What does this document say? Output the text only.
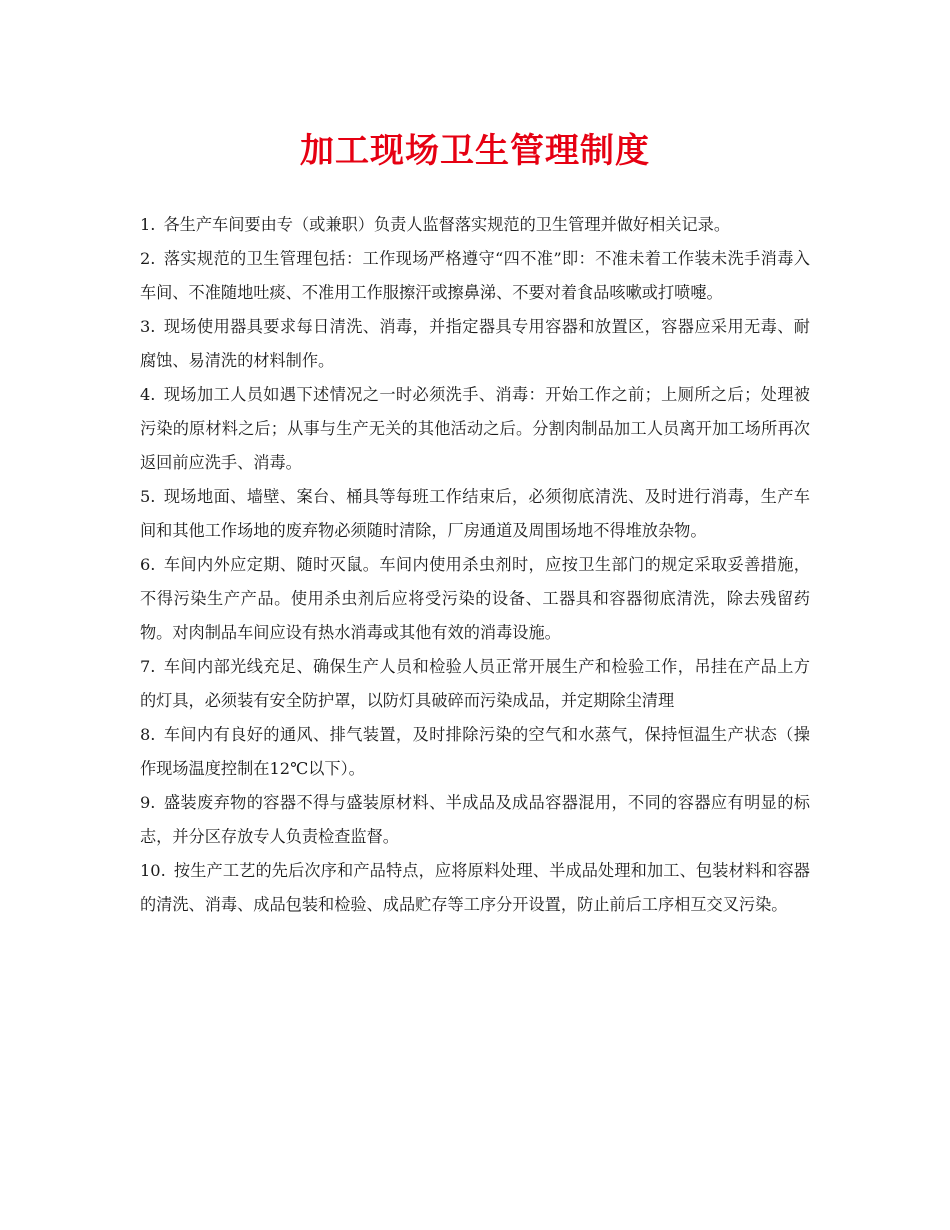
加工现场卫生管理制度
1. 各生产车间要由专（或兼职）负责人监督落实规范的卫生管理并做好相关记录。
2. 落实规范的卫生管理包括：工作现场严格遵守“四不准”即：不准未着工作装未洗手消毒入车间、不准随地吐痰、不准用工作服擦汗或擦鼻涕、不要对着食品咳嗽或打喷嚏。
3. 现场使用器具要求每日清洗、消毒，并指定器具专用容器和放置区，容器应采用无毒、耐腐蚀、易清洗的材料制作。
4. 现场加工人员如遇下述情况之一时必须洗手、消毒：开始工作之前；上厕所之后；处理被污染的原材料之后；从事与生产无关的其他活动之后。分割肉制品加工人员离开加工场所再次返回前应洗手、消毒。
5. 现场地面、墙壁、案台、桶具等每班工作结束后，必须彻底清洗、及时进行消毒，生产车间和其他工作场地的废弃物必须随时清除，厂房通道及周围场地不得堆放杂物。
6. 车间内外应定期、随时灭鼠。车间内使用杀虫剂时，应按卫生部门的规定采取妥善措施，不得污染生产产品。使用杀虫剂后应将受污染的设备、工器具和容器彻底清洗，除去残留药物。对肉制品车间应设有热水消毒或其他有效的消毒设施。
7. 车间内部光线充足、确保生产人员和检验人员正常开展生产和检验工作，吊挂在产品上方的灯具，必须装有安全防护罩，以防灯具破碎而污染成品，并定期除尘清理
8. 车间内有良好的通风、排气装置，及时排除污染的空气和水蒸气，保持恒温生产状态（操作现场温度控制在12℃以下）。
9. 盛装废弃物的容器不得与盛装原材料、半成品及成品容器混用，不同的容器应有明显的标志，并分区存放专人负责检查监督。
10. 按生产工艺的先后次序和产品特点，应将原料处理、半成品处理和加工、包装材料和容器的清洗、消毒、成品包装和检验、成品贮存等工序分开设置，防止前后工序相互交叉污染。
